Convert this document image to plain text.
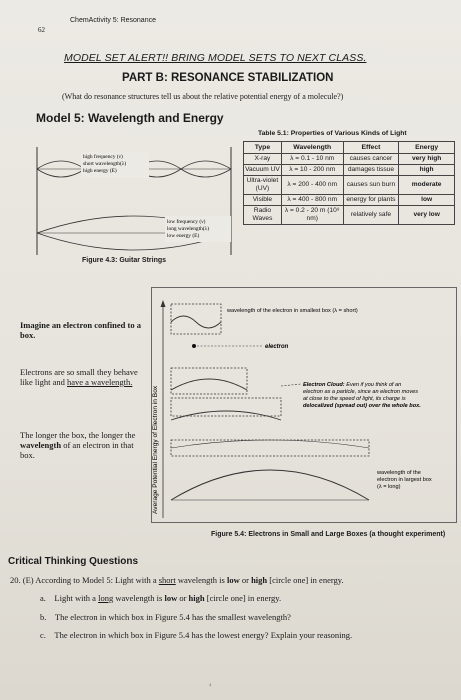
62
ChemActivity 5: Resonance
MODEL SET ALERT!! BRING MODEL SETS TO NEXT CLASS.
PART B: RESONANCE STABILIZATION
(What do resonance structures tell us about the relative potential energy of a molecule?)
Model 5: Wavelength and Energy
high frequency (ν)
short wavelength(λ)
high energy (E)
low frequency (ν)
long wavelength(λ)
low energy (E)
Figure 4.3: Guitar Strings
Table 5.1: Properties of Various Kinds of Light
Type	Wavelength	Effect	Energy
X-ray	λ = 0.1 - 10 nm	causes cancer	very high
Vacuum UV	λ = 10 - 200 nm	damages tissue	high
Ultra-violet (UV)	λ = 200 - 400 nm	causes sun burn	moderate
Visible	λ = 400 - 800 nm	energy for plants	low
Radio Waves	λ = 0.2 - 20 m (10⁹ nm)	relatively safe	very low
Imagine an electron confined to a box.
Electrons are so small they behave like light and have a wavelength.
The longer the box, the longer the wavelength of an electron in that box.	Average Potential Energy of Electron in Box
wavelength of the electron in smallest box (λ = short)
electron
Electron Cloud: Even if you think of an
electron as a particle, since an electron moves
at close to the speed of light, its charge is
delocalized (spread out) over the whole box.
wavelength of the
electron in largest box
(λ = long)
Figure 5.4: Electrons in Small and Large Boxes (a thought experiment)
Critical Thinking Questions
20. (E) According to Model 5: Light with a short wavelength is low or high [circle one] in energy.
a. Light with a long wavelength is low or high [circle one] in energy.
b. The electron in which box in Figure 5.4 has the smallest wavelength?
c. The electron in which box in Figure 5.4 has the lowest energy? Explain your reasoning.
‹
